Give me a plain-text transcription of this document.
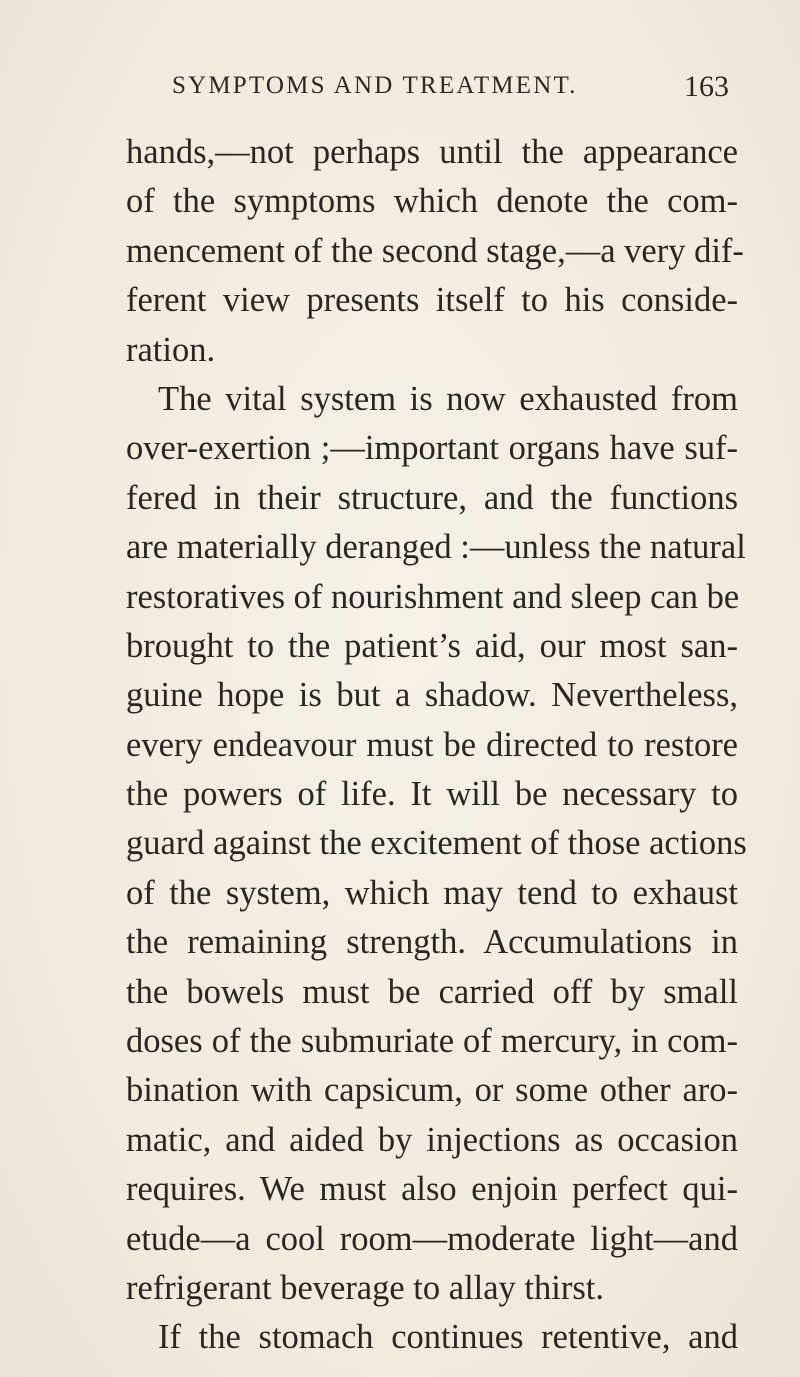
SYMPTOMS AND TREATMENT.	163
hands,—not perhaps until the appearance
of the symptoms which denote the com-
mencement of the second stage,—a very dif-
ferent view presents itself to his conside-
ration.
The vital system is now exhausted from
over-exertion ;—important organs have suf-
fered in their structure, and the functions
are materially deranged :—unless the natural
restoratives of nourishment and sleep can be
brought to the patient’s aid, our most san-
guine hope is but a shadow. Nevertheless,
every endeavour must be directed to restore
the powers of life. It will be necessary to
guard against the excitement of those actions
of the system, which may tend to exhaust
the remaining strength. Accumulations in
the bowels must be carried off by small
doses of the submuriate of mercury, in com-
bination with capsicum, or some other aro-
matic, and aided by injections as occasion
requires. We must also enjoin perfect qui-
etude—a cool room—moderate light—and
refrigerant beverage to allay thirst.
If the stomach continues retentive, and
